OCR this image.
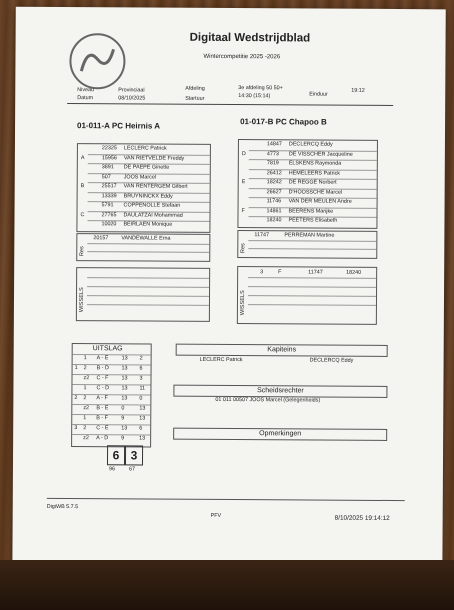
Digitaal Wedstrijdblad
Wintercompetitie 2025 -2026
Niveau
Datum
Provinciaal
08/10/2025
Afdeling
Startuur
3e afdeling 50 50+
14:30 (15:14)	Einduur
19:12
01-011-A PC Heirnis A	01-017-B PC Chapoo B
22325 LECLERC Patrick
A	15956 VAN RIETVELDE Freddy
3891 DE PAEPE Ginette
507 JOOS Marcel
B	25517 VAN RENTERGEM Gilbert
13339 BRUYNINCKX Eddy
5791 COPPENOLLE Stefaan
C	27765 DAULATZAI Mohammad
10020 BEIRLAEN Monique
14847 DECLERCQ Eddy
D	4773 DE VISSCHER Jacqueline
7819 ELSKENS Raymonda
26412 HEMELEERS Patrick
E	18242 DE REGGE Norbert
26627 D'HOOSSCHE Marcel
11746 VAN DER MEULEN Andre
F	14861 BEERENS Marijke
18240 PEETERS Elisabeth
Res
20157 VANDEWALLE Erna
Res
11747	PERREMAN Martine
WISSELS	WISSELS
3	F	11747	18240
UITSLAG
1 A - E 13 2
1 2 B - D 13 6
z2 C - F 13 3
1 C - D 13 11
2 2 A - F	13 0
z2 B - E 0	13
1 B - F 9	13
3 2 C - E 13 6
z2 A - D 9	13
6 3
96	67
Kapiteins
LECLERC Patrick	DECLERCQ Eddy
Scheidsrechter
01 011 00507 JOOS Marcel (Gelegenheids)
Opmerkingen
DigiWB 5.7.5
PFV	8/10/2025 19:14:12
